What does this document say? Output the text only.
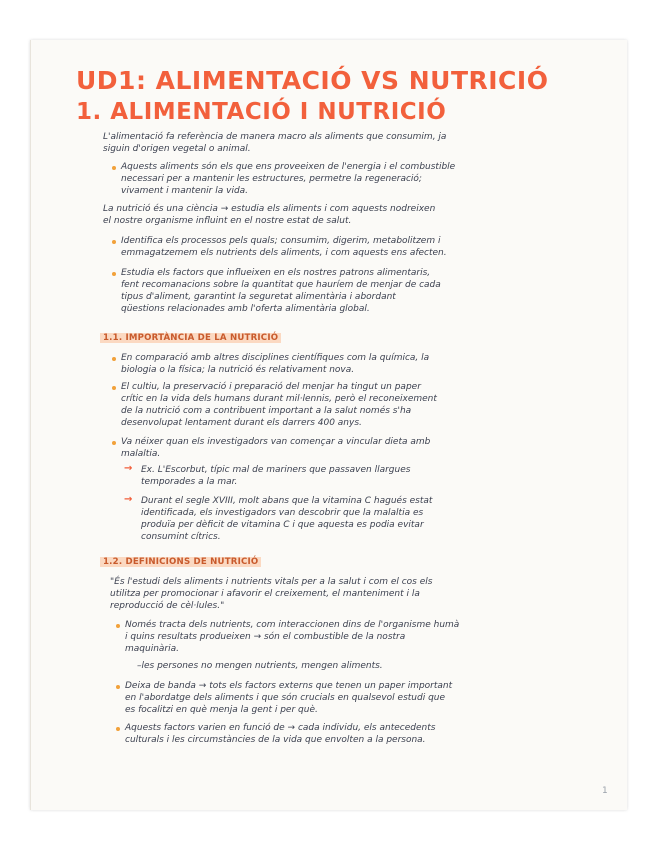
UD1: ALIMENTACIÓ VS NUTRICIÓ
1. ALIMENTACIÓ I NUTRICIÓ
L'alimentació fa referència de manera macro als aliments que consumim, ja
siguin d'origen vegetal o animal.
Aquests aliments són els que ens proveeixen de l'energia i el combustible
necessari per a mantenir les estructures, permetre la regeneració;
vivament i mantenir la vida.
La nutrició és una ciència → estudia els aliments i com aquests nodreixen
el nostre organisme influint en el nostre estat de salut.
Identifica els processos pels quals; consumim, digerim, metabolitzem i
emmagatzemem els nutrients dels aliments, i com aquests ens afecten.
Estudia els factors que influeixen en els nostres patrons alimentaris,
fent recomanacions sobre la quantitat que hauríem de menjar de cada
tipus d'aliment, garantint la seguretat alimentària i abordant
qüestions relacionades amb l'oferta alimentària global.
1.1. IMPORTÀNCIA DE LA NUTRICIÓ
En comparació amb altres disciplines científiques com la química, la
biologia o la física; la nutrició és relativament nova.
El cultiu, la preservació i preparació del menjar ha tingut un paper
crític en la vida dels humans durant mil·lennis, però el reconeixement
de la nutrició com a contribuent important a la salut només s'ha
desenvolupat lentament durant els darrers 400 anys.
Va néixer quan els investigadors van començar a vincular dieta amb
malaltia.
→ Ex. L'Escorbut, típic mal de mariners que passaven llargues
temporades a la mar.
→ Durant el segle XVIII, molt abans que la vitamina C hagués estat
identificada, els investigadors van descobrir que la malaltia es
produïa per dèficit de vitamina C i que aquesta es podia evitar
consumint cítrics.
1.2. DEFINICIONS DE NUTRICIÓ
"És l'estudi dels aliments i nutrients vitals per a la salut i com el cos els
utilitza per promocionar i afavorir el creixement, el manteniment i la
reproducció de cèl·lules."
Només tracta dels nutrients, com interaccionen dins de l'organisme humà
i quins resultats produeixen → són el combustible de la nostra
maquinària.
–les persones no mengen nutrients, mengen aliments.
Deixa de banda → tots els factors externs que tenen un paper important
en l'abordatge dels aliments i que són crucials en qualsevol estudi que
es focalitzi en què menja la gent i per què.
Aquests factors varien en funció de → cada individu, els antecedents
culturals i les circumstàncies de la vida que envolten a la persona.
1
